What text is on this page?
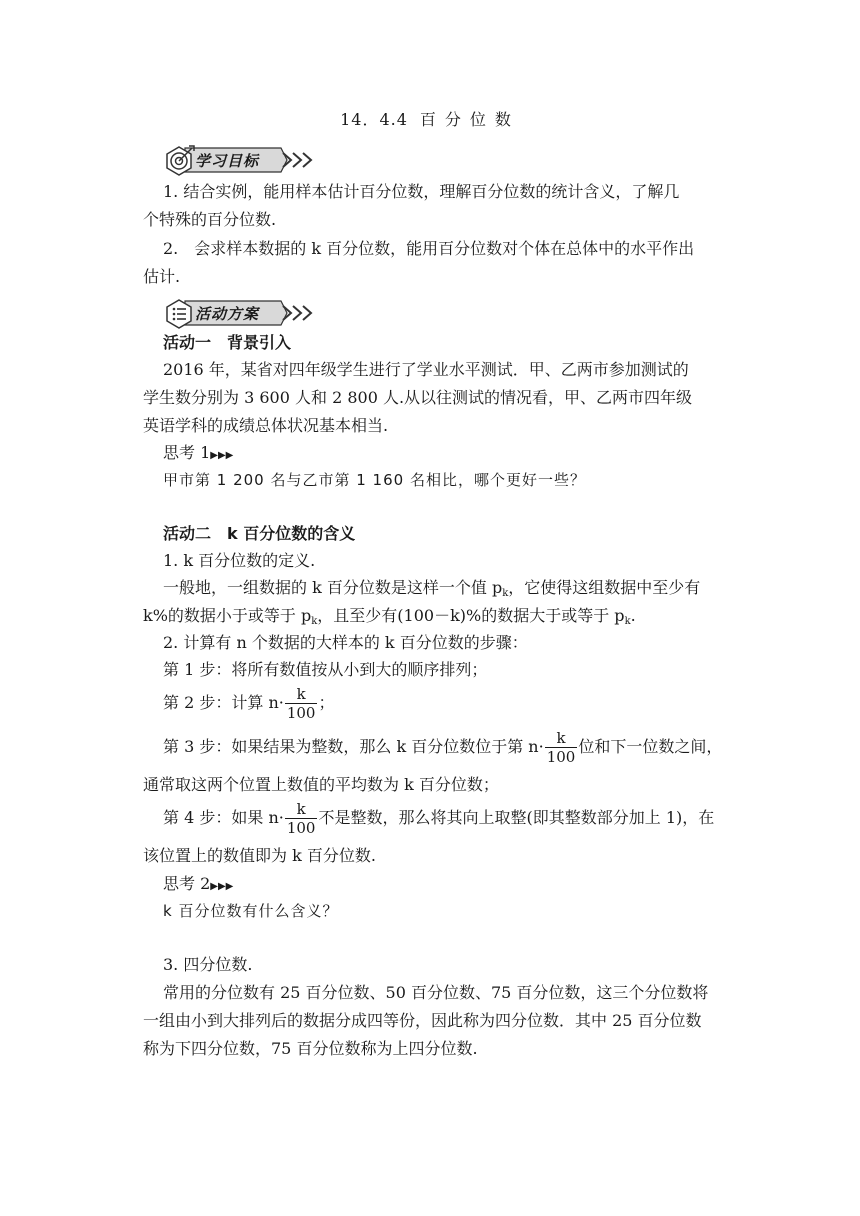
14．4.4 百分位数
学习目标
1. 结合实例，能用样本估计百分位数，理解百分位数的统计含义，了解几
个特殊的百分位数.
2.　会求样本数据的 k 百分位数，能用百分位数对个体在总体中的水平作出
估计.
活动方案
活动一　背景引入
2016 年，某省对四年级学生进行了学业水平测试．甲、乙两市参加测试的
学生数分别为 3 600 人和 2 800 人.从以往测试的情况看，甲、乙两市四年级
英语学科的成绩总体状况基本相当.
思考 1▶▶▶
甲市第 1 200 名与乙市第 1 160 名相比，哪个更好一些？
活动二　k 百分位数的含义
1. k 百分位数的定义.
一般地，一组数据的 k 百分位数是这样一个值 $p_k$，它使得这组数据中至少有
k%的数据小于或等于 $p_k$，且至少有(100－k)%的数据大于或等于 $p_k$.
2. 计算有 n 个数据的大样本的 k 百分位数的步骤：
第 1 步：将所有数值按从小到大的顺序排列；
第 2 步：计算 $n\cdot \frac{k}{100}$ ；
第 3 步：如果结果为整数，那么 k 百分位数位于第 $n\cdot \frac{k}{100}$ 位和下一位数之间，
通常取这两个位置上数值的平均数为 k 百分位数；
第 4 步：如果 $n\cdot \frac{k}{100}$ 不是整数，那么将其向上取整(即其整数部分加上 1)，在
该位置上的数值即为 k 百分位数.
思考 2▶▶▶
k 百分位数有什么含义？
3. 四分位数.
常用的分位数有 25 百分位数、50 百分位数、75 百分位数，这三个分位数将
一组由小到大排列后的数据分成四等份，因此称为四分位数．其中 25 百分位数
称为下四分位数，75 百分位数称为上四分位数.
